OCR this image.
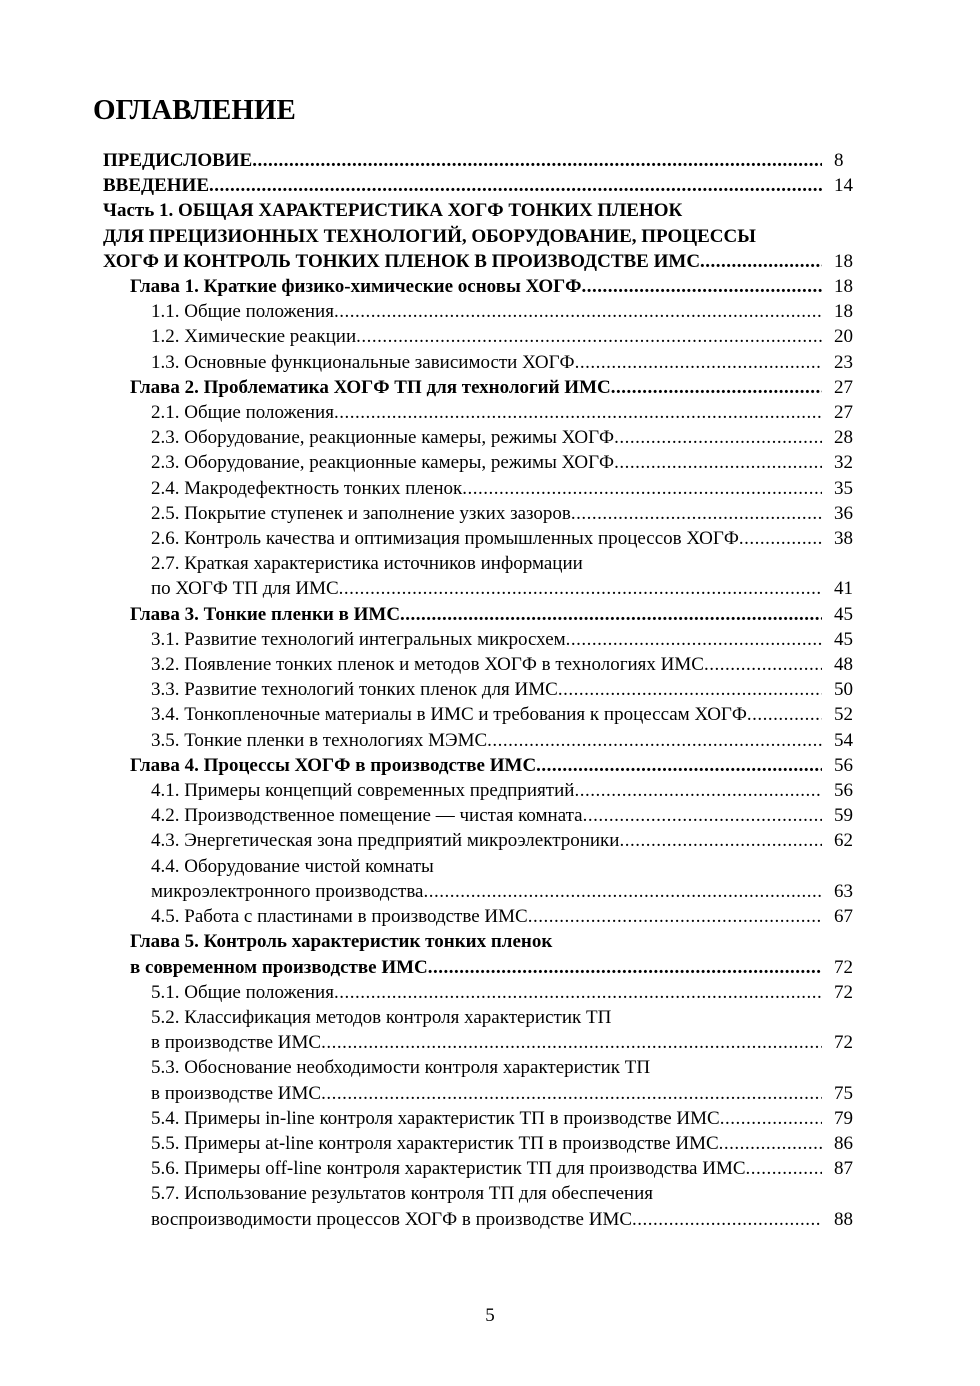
ОГЛАВЛЕНИЕ
ПРЕДИСЛОВИЕ .....	8
ВВЕДЕНИЕ .....	14
Часть 1. ОБЩАЯ ХАРАКТЕРИСТИКА ХОГФ ТОНКИХ ПЛЕНОК
ДЛЯ ПРЕЦИЗИОННЫХ ТЕХНОЛОГИЙ, ОБОРУДОВАНИЕ, ПРОЦЕССЫ
ХОГФ И КОНТРОЛЬ ТОНКИХ ПЛЕНОК В ПРОИЗВОДСТВЕ ИМС .....	18
Глава 1. Краткие физико-химические основы ХОГФ .....	18
1.1. Общие положения .....	18
1.2. Химические реакции .....	20
1.3. Основные функциональные зависимости ХОГФ .....	23
Глава 2. Проблематика ХОГФ ТП для технологий ИМС .....	27
2.1. Общие положения .....	27
2.3. Оборудование, реакционные камеры, режимы ХОГФ .....	28
2.3. Оборудование, реакционные камеры, режимы ХОГФ .....	32
2.4. Макродефектность тонких пленок .....	35
2.5. Покрытие ступенек и заполнение узких зазоров .....	36
2.6. Контроль качества и оптимизация промышленных процессов ХОГФ .....	38
2.7. Краткая характеристика источников информации
по ХОГФ ТП для ИМС .....	41
Глава 3. Тонкие пленки в ИМС .....	45
3.1. Развитие технологий интегральных микросхем .....	45
3.2. Появление тонких пленок и методов ХОГФ в технологиях ИМС .....	48
3.3. Развитие технологий тонких пленок для ИМС .....	50
3.4. Тонкопленочные материалы в ИМС и требования к процессам ХОГФ .....	52
3.5. Тонкие пленки в технологиях МЭМС .....	54
Глава 4. Процессы ХОГФ в производстве ИМС .....	56
4.1. Примеры концепций современных предприятий .....	56
4.2. Производственное помещение — чистая комната .....	59
4.3. Энергетическая зона предприятий микроэлектроники .....	62
4.4. Оборудование чистой комнаты
микроэлектронного производства .....	63
4.5. Работа с пластинами в производстве ИМС .....	67
Глава 5. Контроль характеристик тонких пленок
в современном производстве ИМС .....	72
5.1. Общие положения .....	72
5.2. Классификация методов контроля характеристик ТП
в производстве ИМС .....	72
5.3. Обоснование необходимости контроля характеристик ТП
в производстве ИМС .....	75
5.4. Примеры in-line контроля характеристик ТП в производстве ИМС .....	79
5.5. Примеры at-line контроля характеристик ТП в производстве ИМС .....	86
5.6. Примеры off-line контроля характеристик ТП для производства ИМС .....	87
5.7. Использование результатов контроля ТП для обеспечения
воспроизводимости процессов ХОГФ в производстве ИМС .....	88
5
